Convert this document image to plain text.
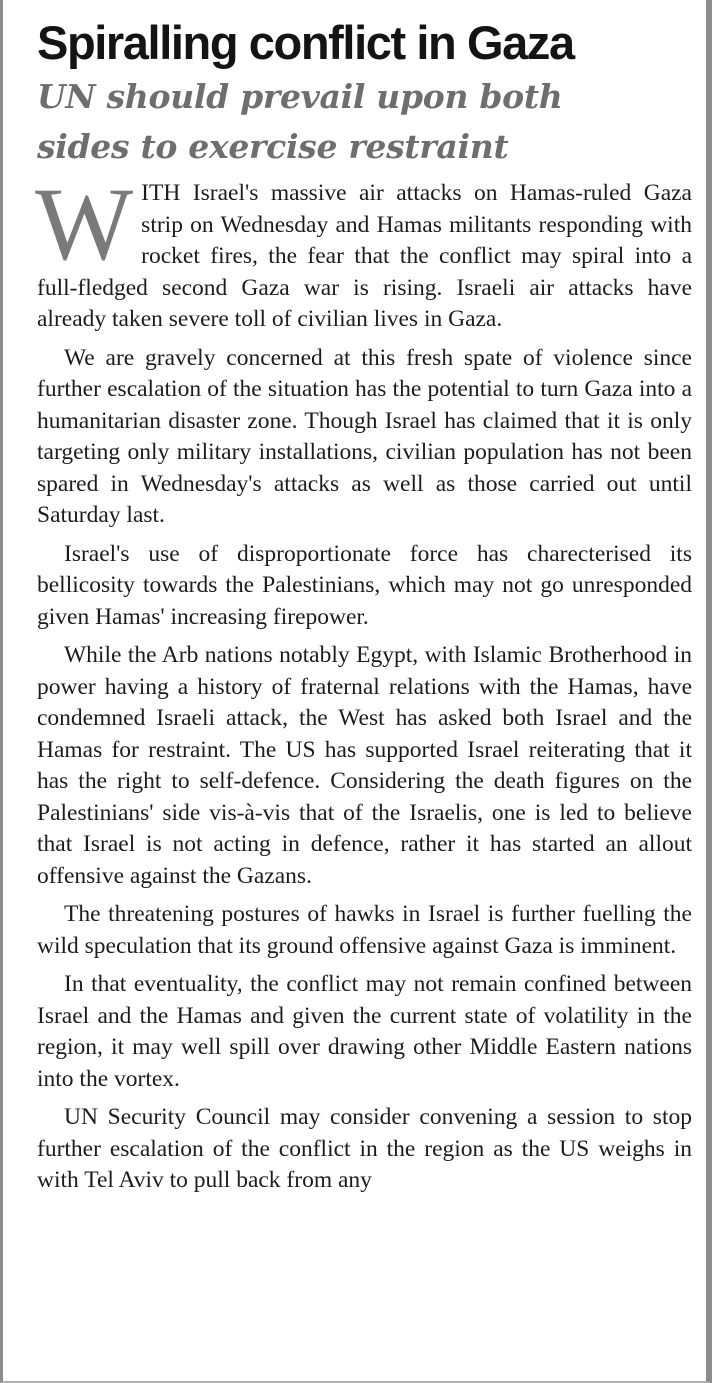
Spiralling conflict in Gaza
UN should prevail upon both
sides to exercise restraint

WITH Israel's massive air attacks on Hamas-ruled Gaza strip on Wednesday and Hamas militants responding with rocket fires, the fear that the conflict may spiral into a full-fledged second Gaza war is rising. Israeli air attacks have already taken severe toll of civilian lives in Gaza.

We are gravely concerned at this fresh spate of violence since further escalation of the situation has the potential to turn Gaza into a humanitarian disaster zone. Though Israel has claimed that it is only targeting only military installations, civilian population has not been spared in Wednesday's attacks as well as those carried out until Saturday last.

Israel's use of disproportionate force has charecterised its bellicosity towards the Palestinians, which may not go unresponded given Hamas' increasing firepower.

While the Arb nations notably Egypt, with Islamic Brotherhood in power having a history of fraternal relations with the Hamas, have condemned Israeli attack, the West has asked both Israel and the Hamas for restraint. The US has supported Israel reiterating that it has the right to self-defence. Considering the death figures on the Palestinians' side vis-à-vis that of the Israelis, one is led to believe that Israel is not acting in defence, rather it has started an allout offensive against the Gazans.

The threatening postures of hawks in Israel is further fuelling the wild speculation that its ground offensive against Gaza is imminent.

In that eventuality, the conflict may not remain confined between Israel and the Hamas and given the current state of volatility in the region, it may well spill over drawing other Middle Eastern nations into the vortex.

UN Security Council may consider convening a session to stop further escalation of the conflict in the region as the US weighs in with Tel Aviv to pull back from any
